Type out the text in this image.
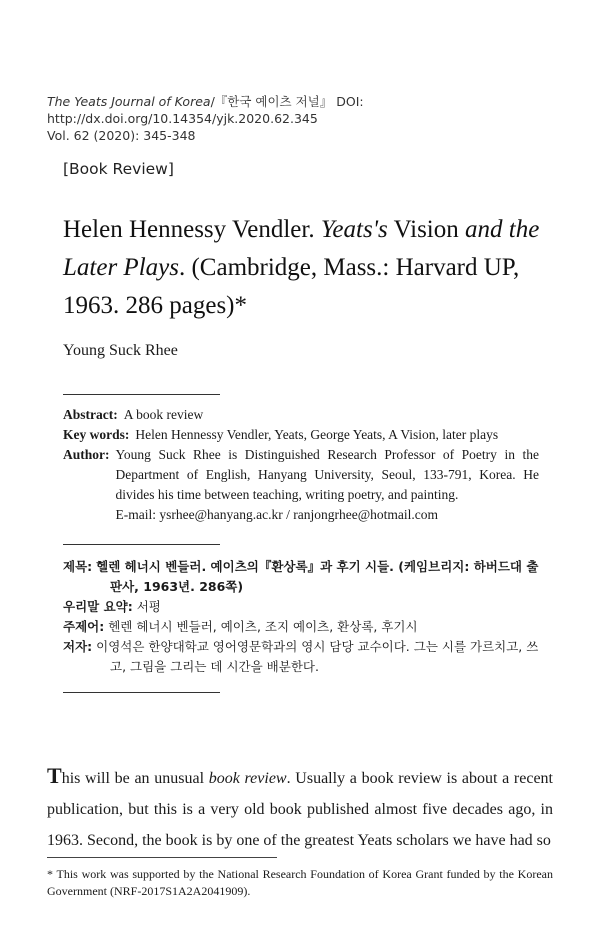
The Yeats Journal of Korea/『한국 예이츠 저널』 DOI: http://dx.doi.org/10.14354/yjk.2020.62.345
Vol. 62 (2020): 345-348
[Book Review]
Helen Hennessy Vendler. Yeats's Vision and the Later Plays. (Cambridge, Mass.: Harvard UP, 1963. 286 pages)*
Young Suck Rhee
Abstract: A book review
Key words: Helen Hennessy Vendler, Yeats, George Yeats, A Vision, later plays
Author: Young Suck Rhee is Distinguished Research Professor of Poetry in the Department of English, Hanyang University, Seoul, 133-791, Korea. He divides his time between teaching, writing poetry, and painting.
E-mail: ysrhee@hanyang.ac.kr / ranjongrhee@hotmail.com
제목: 헬렌 헤너시 벤들러. 예이츠의『환상록』과 후기 시들. (케임브리지: 하버드대 출판사, 1963년. 286쪽)
우리말 요약: 서평
주제어: 헨렌 헤너시 벤들러, 예이츠, 조지 예이츠, 환상록, 후기시
저자: 이영석은 한양대학교 영어영문학과의 영시 담당 교수이다. 그는 시를 가르치고, 쓰고, 그림을 그리는 데 시간을 배분한다.
This will be an unusual book review. Usually a book review is about a recent publication, but this is a very old book published almost five decades ago, in 1963. Second, the book is by one of the greatest Yeats scholars we have had so
* This work was supported by the National Research Foundation of Korea Grant funded by the Korean Government (NRF-2017S1A2A2041909).
